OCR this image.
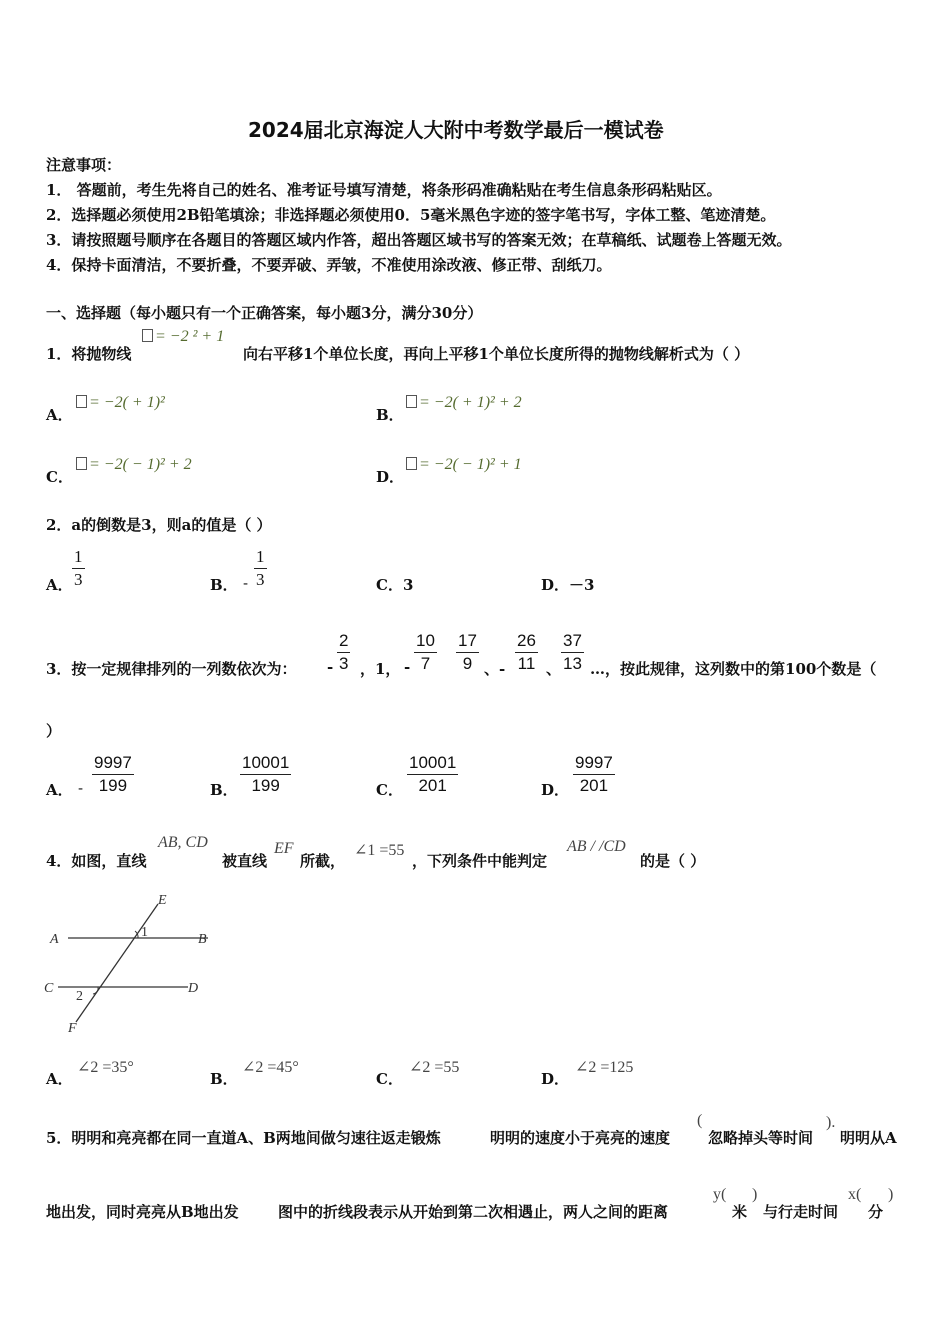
2024届北京海淀人大附中考数学最后一模试卷
注意事项：
1． 答题前，考生先将自己的姓名、准考证号填写清楚，将条形码准确粘贴在考生信息条形码粘贴区。
2．选择题必须使用2B铅笔填涂；非选择题必须使用0．5毫米黑色字迹的签字笔书写，字体工整、笔迹清楚。
3．请按照题号顺序在各题目的答题区域内作答，超出答题区域书写的答案无效；在草稿纸、试题卷上答题无效。
4．保持卡面清洁，不要折叠，不要弄破、弄皱，不准使用涂改液、修正带、刮纸刀。
一、选择题（每小题只有一个正确答案，每小题3分，满分30分）
1．将抛物线
= −2 ² + 1
向右平移1个单位长度，再向上平移1个单位长度所得的抛物线解析式为（ ）
A．
= −2( + 1)²
B．
= −2( + 1)² + 2
C．
= −2( − 1)² + 2
D．
= −2( − 1)² + 1
2．a的倒数是3，则a的值是（ ）
A． $\frac{1}{3}$	B． - $\frac{1}{3}$	C．3	D．－3
3．按一定规律排列的一列数依次为： - $\frac{2}{3}$ ，1， - $\frac{10}{7} \frac{17}{9}$ 、- $\frac{26}{11}$ 、 $\frac{37}{13}$ …，按此规律，这列数中的第100个数是（
）
A． - $\frac{9997}{199}$	B． $\frac{10001}{199}$	C． $\frac{10001}{201}$	D． $\frac{9997}{201}$
4．如图，直线
AB, CD
被直线
EF
所截，
∠1 =55
，下列条件中能判定
AB / /CD
的是（ ）
E
A	1	B
C	D
2
F
A．
∠2 =35°
B．
∠2 =45°
C．
∠2 =55
D．
∠2 =125
5．明明和亮亮都在同一直道A、B两地间做匀速往返走锻炼	明明的速度小于亮亮的速度
(
忽略掉头等时间
).
明明从A
地出发，同时亮亮从B地出发	图中的折线段表示从开始到第二次相遇止，两人之间的距离
y(
米
)
与行走时间
x(
分
)
